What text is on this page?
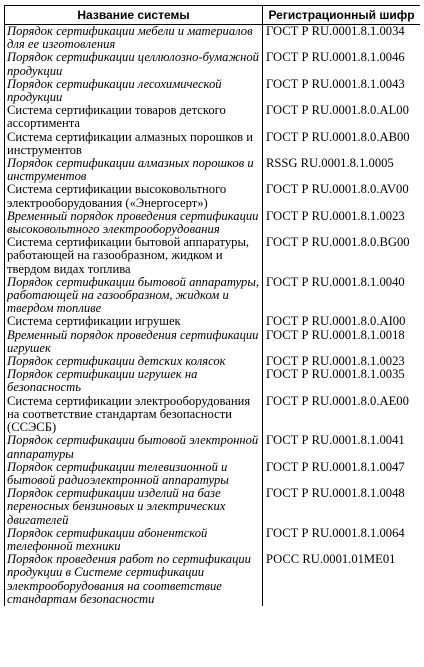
Название системы	Регистрационный шифр
Порядок сертификации мебели и материалов для ее изготовления	ГОСТ Р RU.0001.8.1.0034
Порядок сертификации целлюлозно-бумажной продукции	ГОСТ Р RU.0001.8.1.0046
Порядок сертификации лесохимической продукции	ГОСТ Р RU.0001.8.1.0043
Система сертификации товаров детского ассортимента	ГОСТ Р RU.0001.8.0.AL00
Система сертификации алмазных порошков и инструментов	ГОСТ Р RU.0001.8.0.AB00
Порядок сертификации алмазных порошков и инструментов	RSSG RU.0001.8.1.0005
Система сертификации высоковольтного электрооборудования («Энергосерт»)	ГОСТ Р RU.0001.8.0.AV00
Временный порядок проведения сертификации высоковольтного электрооборудования	ГОСТ Р RU.0001.8.1.0023
Система сертификации бытовой аппаратуры, работающей на газообразном, жидком и твердом видах топлива	ГОСТ Р RU.0001.8.0.BG00
Порядок сертификации бытовой аппаратуры, работающей на газообразном, жидком и твердом топливе	ГОСТ Р RU.0001.8.1.0040
Система сертификации игрушек	ГОСТ Р RU.0001.8.0.AI00
Временный порядок проведения сертификации игрушек	ГОСТ Р RU.0001.8.1.0018
Порядок сертификации детских колясок	ГОСТ Р RU.0001.8.1.0023
Порядок сертификации игрушек на безопасность	ГОСТ Р RU.0001.8.1.0035
Система сертификации электрооборудования на соответствие стандартам безопасности (ССЭСБ)	ГОСТ Р RU.0001.8.0.AE00
Порядок сертификации бытовой электронной аппаратуры	ГОСТ Р RU.0001.8.1.0041
Порядок сертификации телевизионной и бытовой радиоэлектронной аппаратуры	ГОСТ Р RU.0001.8.1.0047
Порядок сертификации изделий на базе переносных бензиновых и электрических двигателей	ГОСТ Р RU.0001.8.1.0048
Порядок сертификации абонентской телефонной техники	ГОСТ Р RU.0001.8.1.0064
Порядок проведения работ по сертификации продукции в Системе сертификации электрооборудования на соответствие стандартам безопасности	РОСС RU.0001.01МЕ01
